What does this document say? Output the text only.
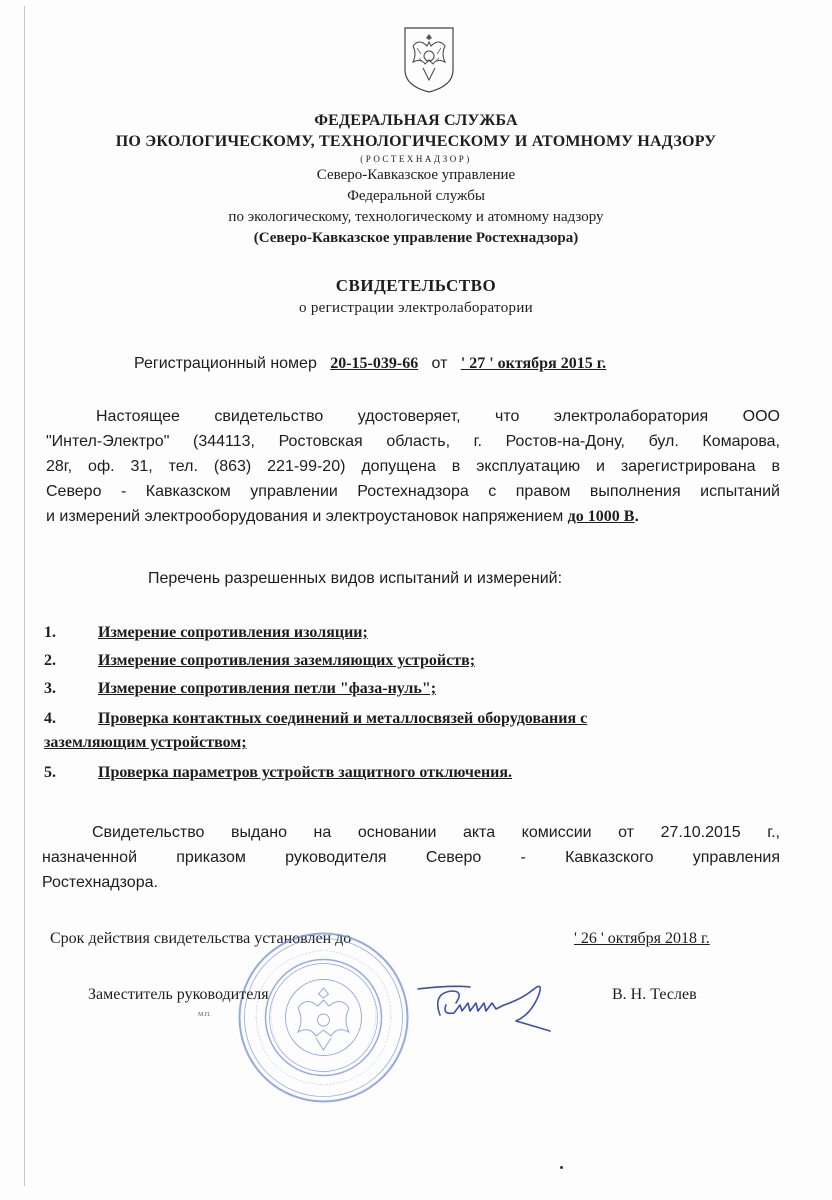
ФЕДЕРАЛЬНАЯ СЛУЖБА
ПО ЭКОЛОГИЧЕСКОМУ, ТЕХНОЛОГИЧЕСКОМУ И АТОМНОМУ НАДЗОРУ
(РОСТЕХНАДЗОР)
Северо-Кавказское управление
Федеральной службы
по экологическому, технологическому и атомному надзору
(Северо-Кавказское управление Ростехнадзора)
СВИДЕТЕЛЬСТВО
о регистрации электролаборатории
Регистрационный номер 20-15-039-66 от ' 27 ' октября 2015 г.
Настоящее свидетельство удостоверяет, что электролаборатория ООО
"Интел-Электро" (344113, Ростовская область, г. Ростов-на-Дону, бул. Комарова,
28г, оф. 31, тел. (863) 221-99-20) допущена в эксплуатацию и зарегистрирована в
Северо - Кавказском управлении Ростехнадзора с правом выполнения испытаний
и измерений электрооборудования и электроустановок напряжением до 1000 В.
Перечень разрешенных видов испытаний и измерений:
1.	Измерение сопротивления изоляции;
2.	Измерение сопротивления заземляющих устройств;
3.	Измерение сопротивления петли "фаза-нуль";
4.	Проверка контактных соединений и металлосвязей оборудования с
заземляющим устройством;
5.	Проверка параметров устройств защитного отключения.
Свидетельство выдано на основании акта комиссии от 27.10.2015 г.,
назначенной приказом руководителя Северо - Кавказского управления
Ростехнадзора.
Срок действия свидетельства установлен до	' 26 ' октября 2018 г.
Заместитель руководителя
М.П.
В. Н. Теслев
